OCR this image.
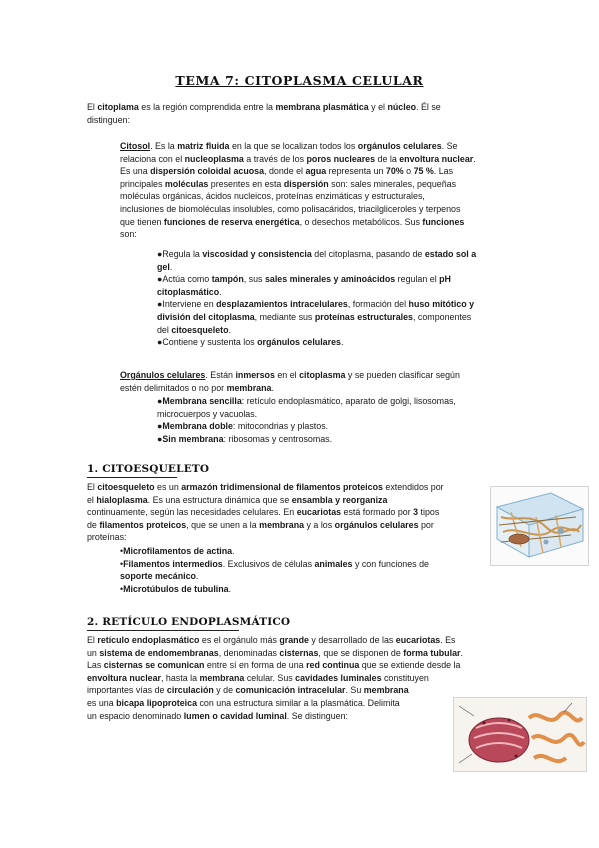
TEMA 7: CITOPLASMA CELULAR
El citoplama es la región comprendida entre la membrana plasmática y el núcleo. Él se
distinguen:
Citosol. Es la matriz fluida en la que se localizan todos los orgánulos celulares. Se
relaciona con el nucleoplasma a través de los poros nucleares de la envoltura nuclear.
Es una dispersión coloidal acuosa, donde el agua representa un 70% o 75 %. Las
principales moléculas presentes en esta dispersión son: sales minerales, pequeñas
moléculas orgánicas, ácidos nucleicos, proteínas enzimáticas y estructurales,
inclusiones de biomoléculas insolubles, como polisacáridos, triacilgliceroles y terpenos
que tienen funciones de reserva energética, o desechos metabólicos. Sus funciones
son:
●Regula la viscosidad y consistencia del citoplasma, pasando de estado sol a
gel.
●Actúa como tampón, sus sales minerales y aminoácidos regulan el pH
citoplasmático.
●Interviene en desplazamientos intracelulares, formación del huso mitótico y
división del citoplasma, mediante sus proteínas estructurales, componentes
del citoesqueleto.
●Contiene y sustenta los orgánulos celulares.
Orgánulos celulares. Están inmersos en el citoplasma y se pueden clasificar según
estén delimitados o no por membrana.
●Membrana sencilla: retículo endoplasmático, aparato de golgi, lisosomas,
microcuerpos y vacuolas.
●Membrana doble: mitocondrias y plastos.
●Sin membrana: ribosomas y centrosomas.
1. CITOESQUELETO
El citoesqueleto es un armazón tridimensional de filamentos proteicos extendidos por
el hialoplasma. Es una estructura dinámica que se ensambla y reorganiza
continuamente, según las necesidades celulares. En eucariotas está formado por 3 tipos
de filamentos proteicos, que se unen a la membrana y a los orgánulos celulares por
proteínas:
•Microfilamentos de actina.
•Filamentos intermedios. Exclusivos de células animales y con funciones de
soporte mecánico.
•Microtúbulos de tubulina.
2. RETÍCULO ENDOPLASMÁTICO
El retículo endoplasmático es el orgánulo más grande y desarrollado de las eucariotas. Es
un sistema de endomembranas, denominadas cisternas, que se disponen de forma tubular.
Las cisternas se comunican entre sí en forma de una red continua que se extiende desde la
envoltura nuclear, hasta la membrana celular. Sus cavidades luminales constituyen
importantes vías de circulación y de comunicación intracelular. Su membrana
es una bicapa lipoproteica con una estructura similar a la plasmática. Delimita
un espacio denominado lumen o cavidad luminal. Se distinguen:
